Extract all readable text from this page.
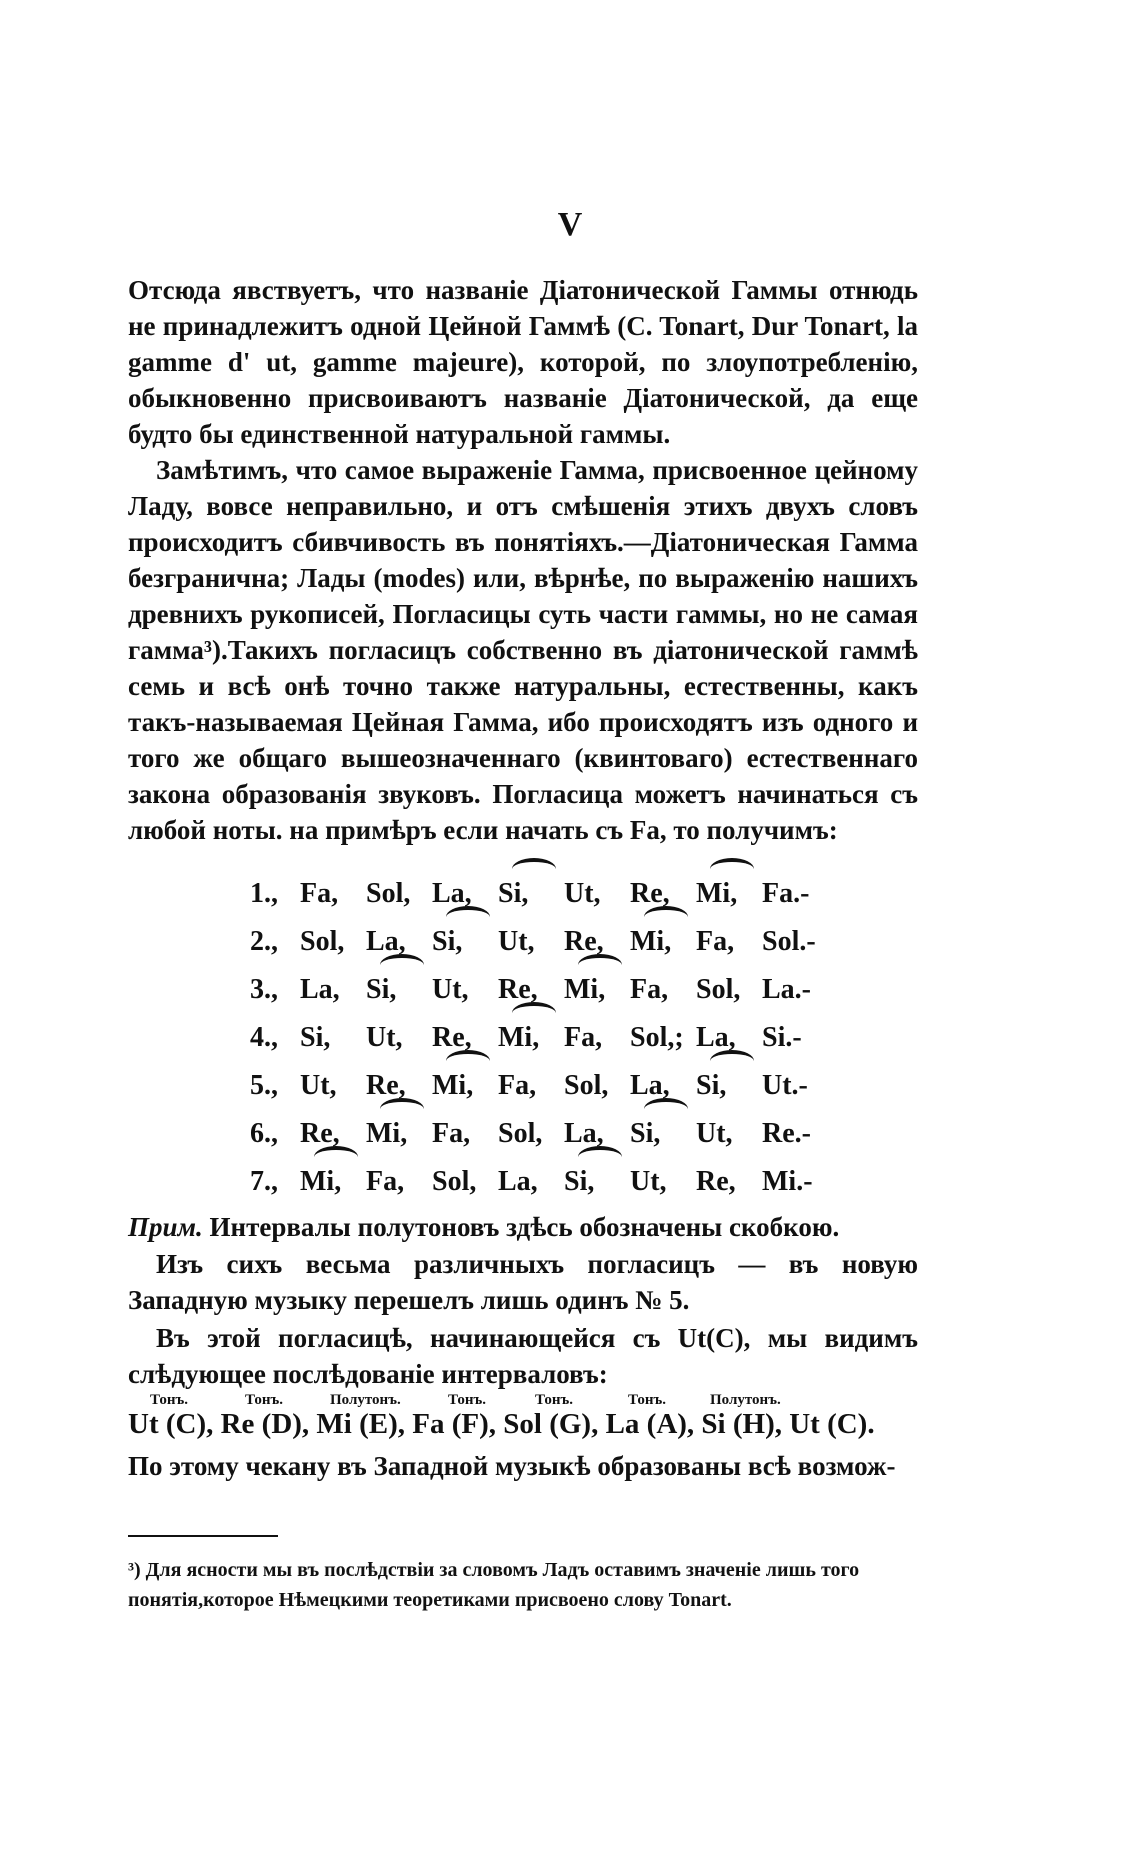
V
Отсюда явствуетъ, что названіе Діатонической Гаммы отнюдь не принадлежитъ одной Цейной Гаммѣ (C. Tonart, Dur Tonart, la gamme d' ut, gamme majeure), которой, по злоупотребленію, обыкновенно присвоиваютъ названіе Діатонической, да еще будто бы единственной натуральной гаммы.
Замѣтимъ, что самое выраженіе Гамма, присвоенное цейному Ладу, вовсе неправильно, и отъ смѣшенія этихъ двухъ словъ происходитъ сбивчивость въ понятіяхъ.—Діатоническая Гамма безгранична; Лады (modes) или, вѣрнѣе, по выраженію нашихъ древнихъ рукописей, Погласицы суть части гаммы, но не самая гамма³).Такихъ погласицъ собственно въ діатонической гаммѣ семь и всѣ онѣ точно также натуральны, естественны, какъ такъ-называемая Цейная Гамма, ибо происходятъ изъ одного и того же общаго вышеозначеннаго (квинтоваго) естественнаго закона образованія звуковъ. Погласица можетъ начинаться съ любой ноты. на примѣръ если начать съ Fa, то получимъ:
1., Fa, Sol, La, Si, Ut, Re, Mi, Fa.-
2., Sol, La, Si, Ut, Re, Mi, Fa, Sol.-
3., La, Si, Ut, Re, Mi, Fa, Sol, La.-
4., Si, Ut, Re, Mi, Fa, Sol,; La, Si.-
5., Ut, Re, Mi, Fa, Sol, La, Si, Ut.-
6., Re, Mi, Fa, Sol, La, Si, Ut, Re.-
7., Mi, Fa, Sol, La, Si, Ut, Re, Mi.-
Прим. Интервалы полутоновъ здѣсь обозначены скобкою.
Изъ сихъ весьма различныхъ погласицъ — въ новую Западную музыку перешелъ лишь одинъ № 5.
Въ этой погласицѣ, начинающейся съ Ut(C), мы видимъ слѣдующее послѣдованіе интерваловъ:
Тонъ.	Тонъ.	Полутонъ.	Тонъ.	Тонъ.	Тонъ.	Полутонъ.
Ut (C), Re (D), Mi (E), Fa (F), Sol (G), La (A), Si (H), Ut (C).
По этому чекану въ Западной музыкѣ образованы всѣ возмож-
³) Для ясности мы въ послѣдствіи за словомъ Ладъ оставимъ значеніе лишь того понятія,которое Нѣмецкими теоретиками присвоено слову Tonart.
